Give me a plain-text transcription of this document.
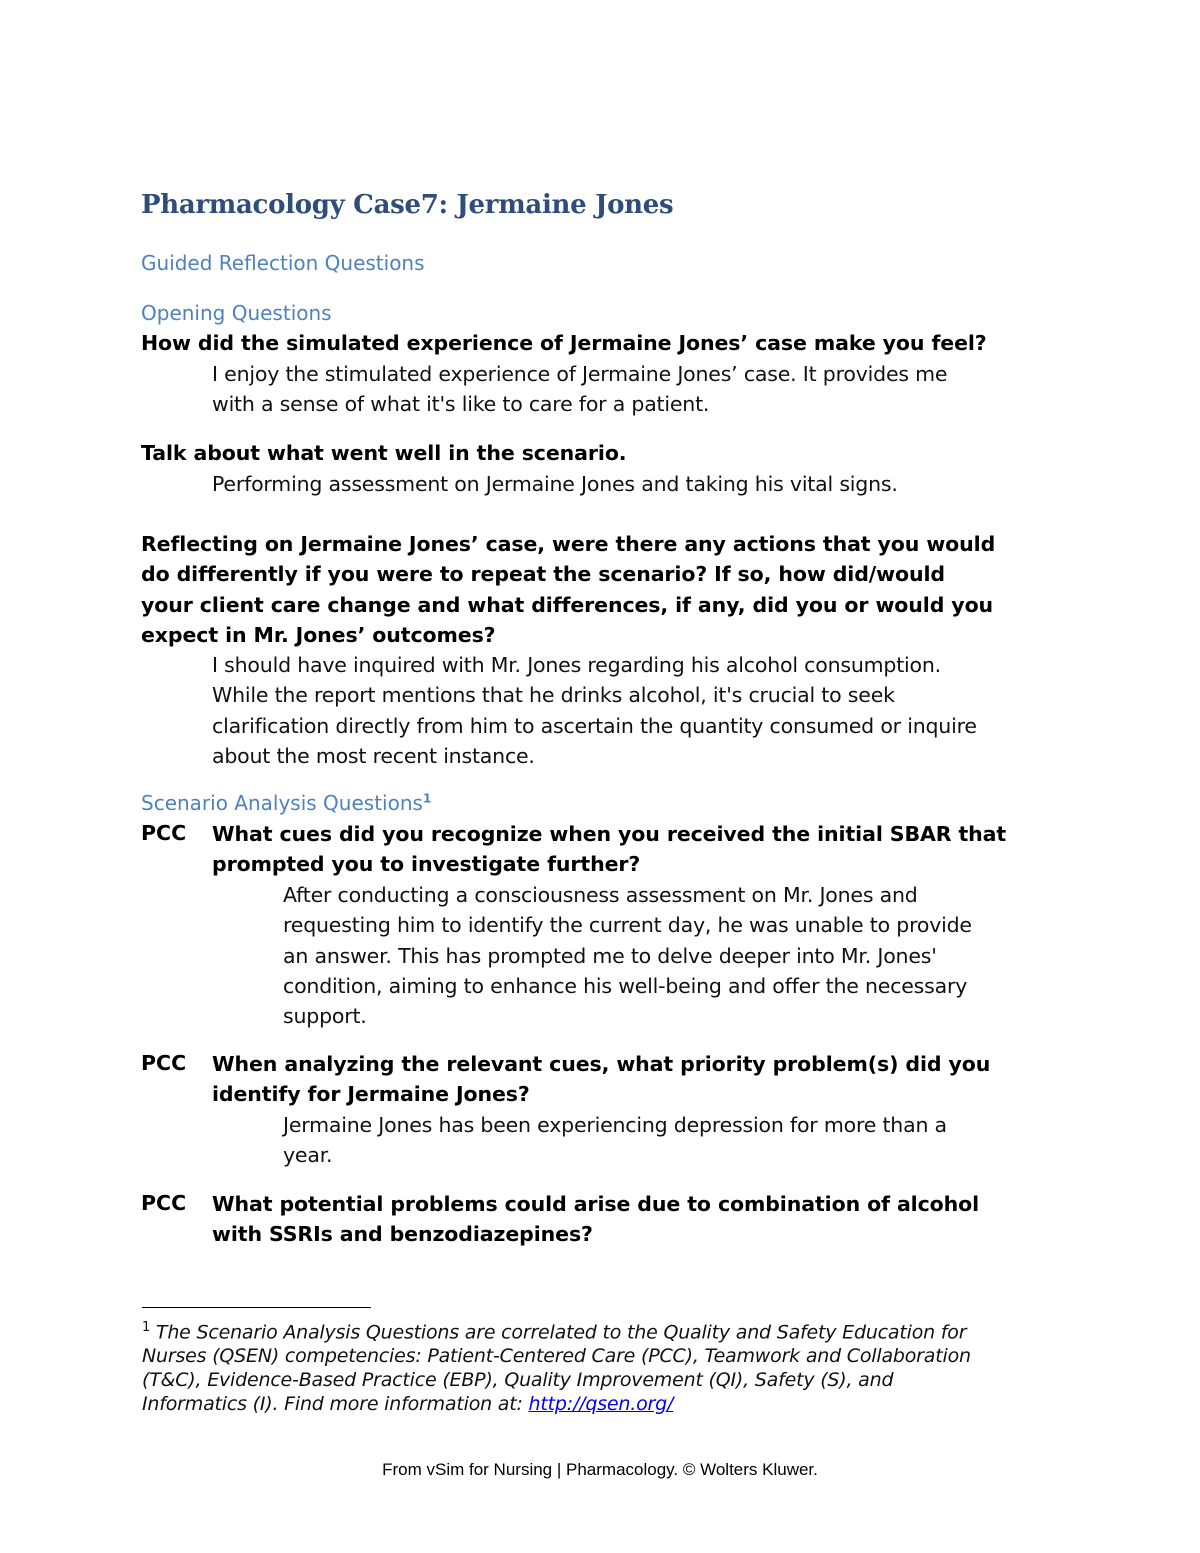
Pharmacology Case7: Jermaine Jones
Guided Reflection Questions
Opening Questions
How did the simulated experience of Jermaine Jones’ case make you feel?
I enjoy the stimulated experience of Jermaine Jones’ case. It provides me
with a sense of what it's like to care for a patient.
Talk about what went well in the scenario.
Performing assessment on Jermaine Jones and taking his vital signs.
Reflecting on Jermaine Jones’ case, were there any actions that you would
do differently if you were to repeat the scenario? If so, how did/would
your client care change and what differences, if any, did you or would you
expect in Mr. Jones’ outcomes?
I should have inquired with Mr. Jones regarding his alcohol consumption.
While the report mentions that he drinks alcohol, it's crucial to seek
clarification directly from him to ascertain the quantity consumed or inquire
about the most recent instance.
Scenario Analysis Questions$^1$
PCC What cues did you recognize when you received the initial SBAR that
prompted you to investigate further?
After conducting a consciousness assessment on Mr. Jones and
requesting him to identify the current day, he was unable to provide
an answer. This has prompted me to delve deeper into Mr. Jones'
condition, aiming to enhance his well-being and offer the necessary
support.
PCC When analyzing the relevant cues, what priority problem(s) did you
identify for Jermaine Jones?
Jermaine Jones has been experiencing depression for more than a
year.
PCC What potential problems could arise due to combination of alcohol
with SSRIs and benzodiazepines?
$^1$ The Scenario Analysis Questions are correlated to the Quality and Safety Education for
Nurses (QSEN) competencies: Patient-Centered Care (PCC), Teamwork and Collaboration
(T&C), Evidence-Based Practice (EBP), Quality Improvement (QI), Safety (S), and
Informatics (I). Find more information at: http://qsen.org/
From vSim for Nursing | Pharmacology. © Wolters Kluwer.
